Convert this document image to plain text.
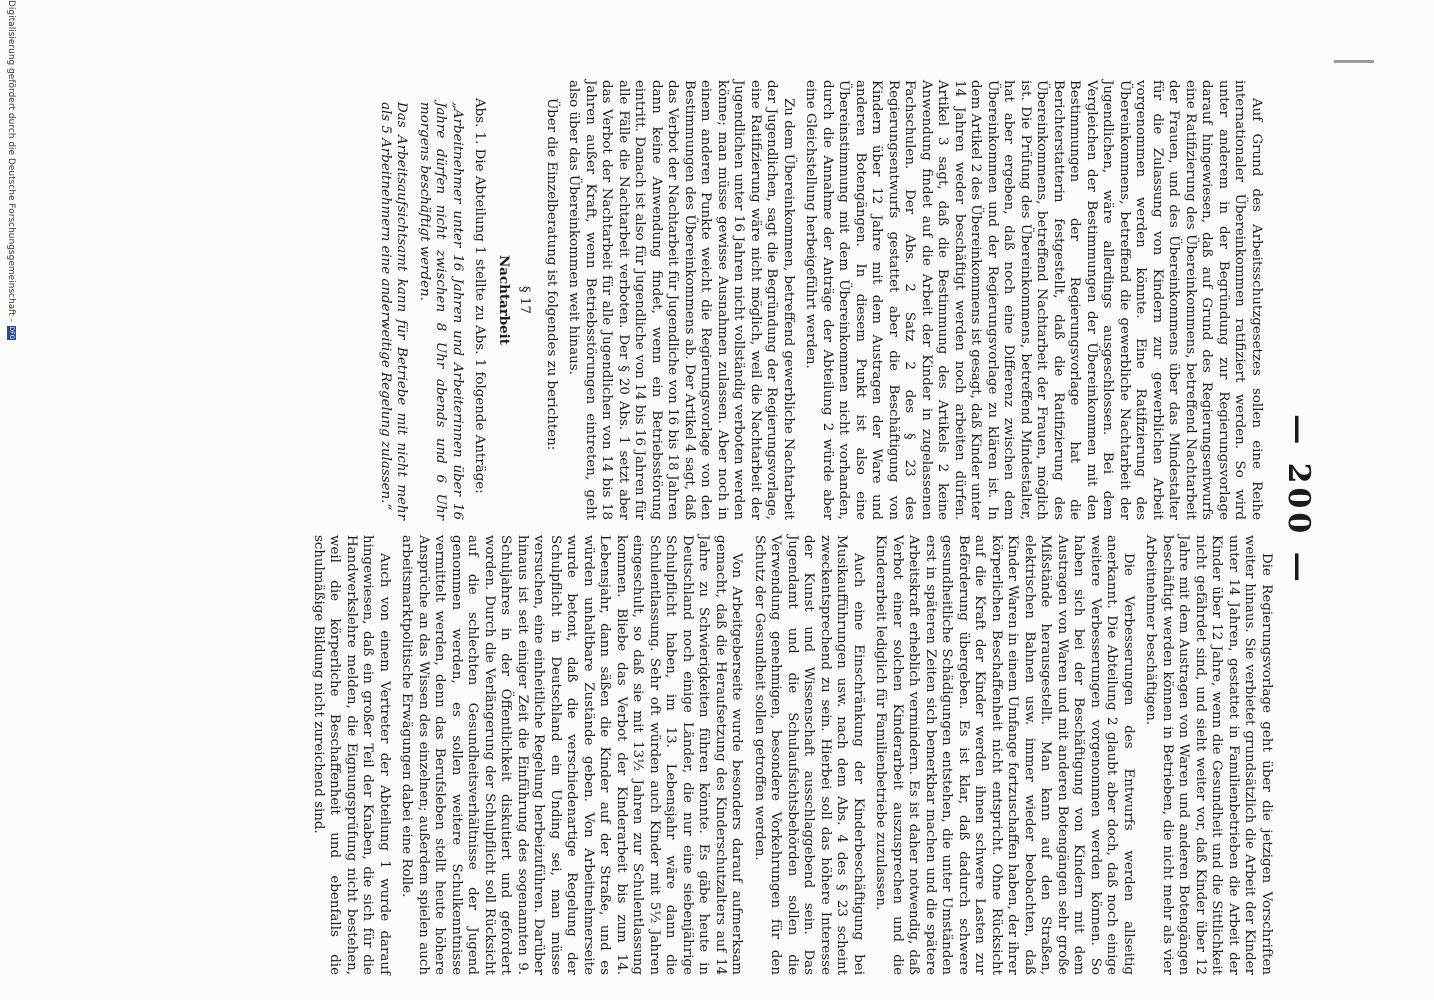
— 200 —

Auf Grund des Arbeitsschutzgesetzes sollen eine Reihe internationaler Übereinkommen ratifiziert werden. So wird unter anderem in der Begründung zur Regierungsvorlage darauf hingewiesen, daß auf Grund des Regierungsentwurfs eine Ratifizierung des Übereinkommens, betreffend Nachtarbeit der Frauen, und des Übereinkommens über das Mindestalter für die Zulassung von Kindern zur gewerblichen Arbeit vorgenommen werden könnte. Eine Ratifizierung des Übereinkommens, betreffend die gewerbliche Nachtarbeit der Jugendlichen, wäre allerdings ausgeschlossen. Bei dem Vergleichen der Bestimmungen der Übereinkommen mit den Bestimmungen der Regierungsvorlage hat die Berichterstatterin festgestellt, daß die Ratifizierung des Übereinkommens, betreffend Nachtarbeit der Frauen, möglich ist. Die Prüfung des Übereinkommens, betreffend Mindestalter, hat aber ergeben, daß noch eine Differenz zwischen dem Übereinkommen und der Regierungsvorlage zu klären ist. In dem Artikel 2 des Übereinkommens ist gesagt, daß Kinder unter 14 Jahren weder beschäftigt werden noch arbeiten dürfen. Artikel 3 sagt, daß die Bestimmung des Artikels 2 keine Anwendung findet auf die Arbeit der Kinder in zugelassenen Fachschulen. Der Abs. 2 Satz 2 des § 23 des Regierungsentwurfs gestattet aber die Beschäftigung von Kindern über 12 Jahre mit dem Austragen der Ware und anderen Botengängen. In diesem Punkt ist also eine Übereinstimmung mit dem Übereinkommen nicht vorhanden, durch die Annahme der Anträge der Abteilung 2 würde aber eine Gleichstellung herbeigeführt werden.

Zu dem Übereinkommen, betreffend gewerbliche Nachtarbeit der Jugendlichen, sagt die Begründung der Regierungsvorlage, eine Ratifizierung wäre nicht möglich, weil die Nachtarbeit der Jugendlichen unter 16 Jahren nicht vollständig verboten werden könne; man müsse gewisse Ausnahmen zulassen. Aber noch in einem anderen Punkte weicht die Regierungsvorlage von den Bestimmungen des Übereinkommens ab. Der Artikel 4 sagt, daß das Verbot der Nachtarbeit für Jugendliche von 16 bis 18 Jahren dann keine Anwendung findet, wenn ein Betriebsstörung eintritt. Danach ist also für Jugendliche von 14 bis 16 Jahren für alle Fälle die Nachtarbeit verboten. Der § 20 Abs. 1 setzt aber das Verbot der Nachtarbeit für alle Jugendlichen von 14 bis 18 Jahren außer Kraft, wenn Betriebsstörungen eintreten, geht also über das Übereinkommen weit hinaus.

Über die Einzelberatung ist folgendes zu berichten:

§ 17

Nachtarbeit

Abs. 1. Die Abteilung 1 stellte zu Abs. 1 folgende Anträge:

„Arbeitnehmer unter 16 Jahren und Arbeiterinnen über 16 Jahre dürfen nicht zwischen 8 Uhr abends und 6 Uhr morgens beschäftigt werden.

Das Arbeitsaufsichtsamt kann für Betriebe mit nicht mehr als 5 Arbeitnehmern eine anderweitige Regelung zulassen.“

Die Regierungsvorlage geht über die jetzigen Vorschriften weiter hinaus. Sie verbietet grundsätzlich die Arbeit der Kinder unter 14 Jahren, gestattet in Familienbetrieben die Arbeit der Kinder über 12 Jahre, wenn die Gesundheit und die Sittlichkeit nicht gefährdet sind, und sieht weiter vor, daß Kinder über 12 Jahre mit dem Austragen von Waren und anderen Botengängen beschäftigt werden können in Betrieben, die nicht mehr als vier Arbeitnehmer beschäftigen.

Die Verbesserungen des Entwurfs werden allseitig anerkannt. Die Abteilung 2 glaubt aber doch, daß noch einige weitere Verbesserungen vorgenommen werden können. So haben sich bei der Beschäftigung von Kindern mit dem Austragen von Waren und mit anderen Botengängen sehr große Mißstände herausgestellt. Man kann auf den Straßen, elektrischen Bahnen usw. immer wieder beobachten, daß Kinder Waren in einem Umfange fortzuschaffen haben, der ihrer körperlichen Beschaffenheit nicht entspricht. Ohne Rücksicht auf die Kraft der Kinder werden ihnen schwere Lasten zur Beförderung übergeben. Es ist klar, daß dadurch schwere gesundheitliche Schädigungen entstehen, die unter Umständen erst in späteren Zeiten sich bemerkbar machen und die spätere Arbeitskraft erheblich vermindern. Es ist daher notwendig, daß Verbot einer solchen Kinderarbeit auszusprechen und die Kinderarbeit lediglich für Familienbetriebe zuzulassen.

Auch eine Einschränkung der Kinderbeschäftigung bei Musikaufführungen usw. nach dem Abs. 4 des § 23 scheint zweckentsprechend zu sein. Hierbei soll das höhere Interesse der Kunst und Wissenschaft ausschlaggebend sein. Das Jugendamt und die Schulaufsichtsbehörden sollen die Verwendung genehmigen, besondere Vorkehrungen für den Schutz der Gesundheit sollen getroffen werden.

Von Arbeitgeberseite wurde besonders darauf aufmerksam gemacht, daß die Heraufsetzung des Kinderschutzalters auf 14 Jahre zu Schwierigkeiten führen könnte. Es gäbe heute in Deutschland noch einige Länder, die nur eine siebenjährige Schulpflicht haben, im 13. Lebensjahr wäre dann die Schulentlassung. Sehr oft würden auch Kinder mit 5½ Jahren eingeschult, so daß sie mit 13½ Jahren zur Schulentlassung kommen. Bliebe das Verbot der Kinderarbeit bis zum 14. Lebensjahr, dann säßen die Kinder auf der Straße, und es würden unhaltbare Zustände geben. Von Arbeitnehmerseite wurde betont, daß die verschiedenartige Regelung der Schulpflicht in Deutschland ein Unding sei, man müsse versuchen, eine einheitliche Regelung herbeizuführen. Darüber hinaus ist seit einiger Zeit die Einführung des sogenannten 9. Schuljahres in der Öffentlichkeit diskutiert und gefordert worden. Durch die Verlängerung der Schulpflicht soll Rücksicht auf die schlechten Gesundheitsverhältnisse der Jugend genommen werden, es sollen weitere Schulkenntnisse vermittelt werden, denn das Berufsleben stellt heute höhere Ansprüche an das Wissen des einzelnen; außerdem spielen auch arbeitsmarktpolitische Erwägungen dabei eine Rolle.

Auch von einem Vertreter der Abteilung 1 wurde darauf hingewiesen, daß ein großer Teil der Knaben, die sich für die Handwerkslehre melden, die Eignungsprüfung nicht bestehen, weil die körperliche Beschaffenheit und ebenfalls die schulmäßige Bildung nicht zureichend sind.

Digitalisierung gefördert durch die Deutsche Forschungsgemeinschaft -DFG
